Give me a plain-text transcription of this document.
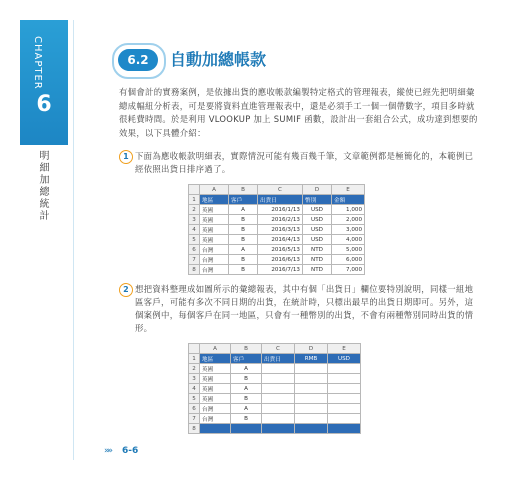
CHAPTER
6
明細加總統計
6.2	自動加總帳款
有個會計的實務案例，是依據出貨的應收帳款編製特定格式的管理報表，縱使已經先把明細彙總成幅紐分析表，可是要將資料直進管理報表中，還是必須手工一個一個帶數字，項目多時就很耗費時間。於是利用 VLOOKUP 加上 SUMIF 函數，設計出一套組合公式，成功達到想要的效果，以下具體介紹：
1 下面為應收帳款明細表，實際情況可能有幾百幾千筆，文章範例都是極簡化的，本範例已經依照出貨日排序過了。
	A	B	C	D	E
1	地區	客戶	出貨日	幣別	金額
2	英國	A	2016/1/13	USD	1,000
3	英國	B	2016/2/13	USD	2,000
4	英國	B	2016/3/13	USD	3,000
5	英國	B	2016/4/13	USD	4,000
6	台灣	A	2016/5/13	NTD	5,000
7	台灣	B	2016/6/13	NTD	6,000
8	台灣	B	2016/7/13	NTD	7,000
2 想把資料整理成如圖所示的彙總報表，其中有個「出貨日」欄位要特別說明，同樣一組地區客戶，可能有多次不同日期的出貨，在統計時，只標出最早的出貨日期即可。另外，這個案例中，每個客戶在同一地區，只會有一種幣別的出貨，不會有兩種幣別同時出貨的情形。
	A	B	C	D	E
1	地區	客戶	出貨日	RMB	USD
2	英國	A			
3	英國	B			
4	英國	A			
5	英國	B			
6	台灣	A			
7	台灣	B			
8					
»» 6-6
